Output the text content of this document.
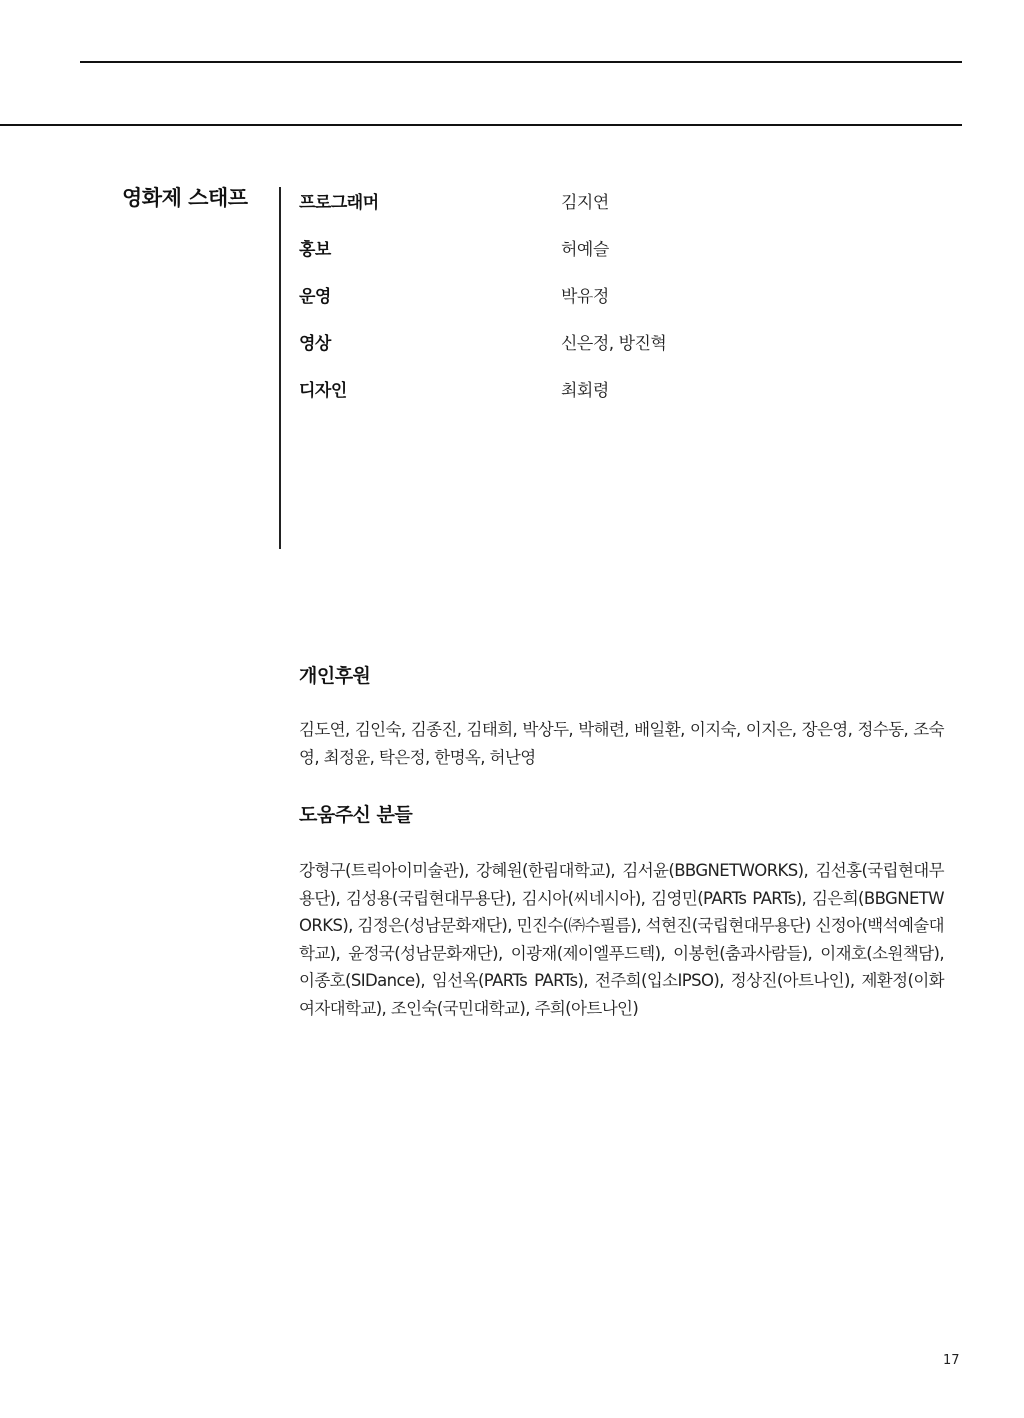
영화제 스태프	프로그래머	김지연
홍보	허예슬
운영	박유정
영상	신은정, 방진혁
디자인	최회령
개인후원

김도연, 김인숙, 김종진, 김태희, 박상두, 박해련, 배일환, 이지숙, 이지은, 장은영, 정수동, 조숙영, 최정윤, 탁은정, 한명옥, 허난영

도움주신 분들

강형구(트릭아이미술관), 강혜원(한림대학교), 김서윤(BBGNETWORKS), 김선홍(국립현대무용단), 김성용(국립현대무용단), 김시아(씨네시아), 김영민(PARTs PARTs), 김은희(BBGNETWORKS), 김정은(성남문화재단), 민진수(㈜수필름), 석현진(국립현대무용단) 신정아(백석예술대학교), 윤정국(성남문화재단), 이광재(제이엘푸드텍), 이봉헌(춤과사람들), 이재호(소원책담), 이종호(SIDance), 임선옥(PARTs PARTs), 전주희(입소IPSO), 정상진(아트나인), 제환정(이화여자대학교), 조인숙(국민대학교), 주희(아트나인)

17
